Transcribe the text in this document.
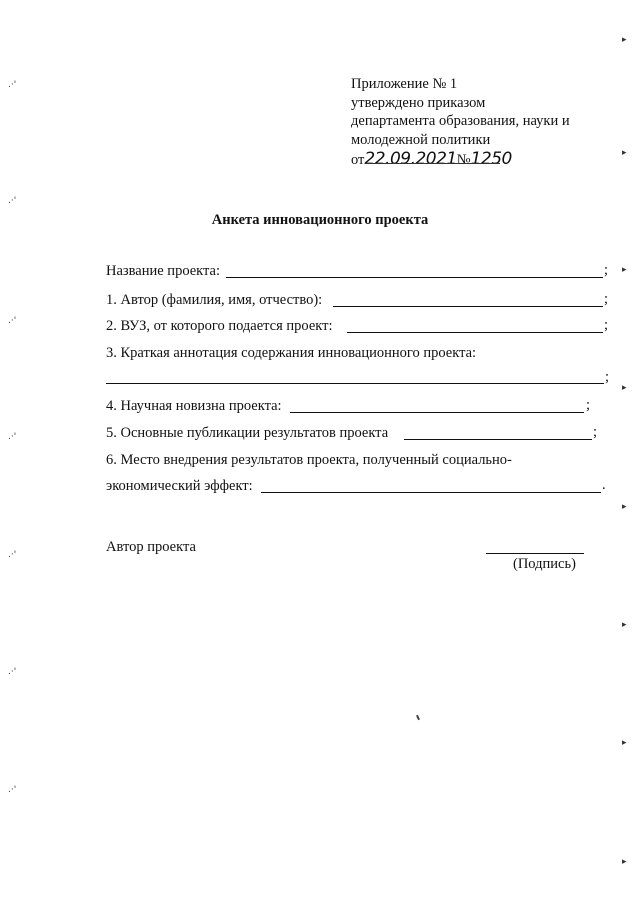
Приложение № 1
утверждено приказом
департамента образования, науки и
молодежной политики
от22.09.2021№1250
Анкета инновационного проекта
Название проекта:	;
1. Автор (фамилия, имя, отчество):	;
2. ВУЗ, от которого подается проект:	;
3. Краткая аннотация содержания инновационного проекта:
;
4. Научная новизна проекта:	;
5. Основные публикации результатов проекта	;
6. Место внедрения результатов проекта, полученный социально-
экономический эффект:	.
Автор проекта
(Подпись)
.·'
.·'
.·'
.·'
.·'
.·'
.·'
▸
▸
▸
▸
▸
▸
▸
▸
